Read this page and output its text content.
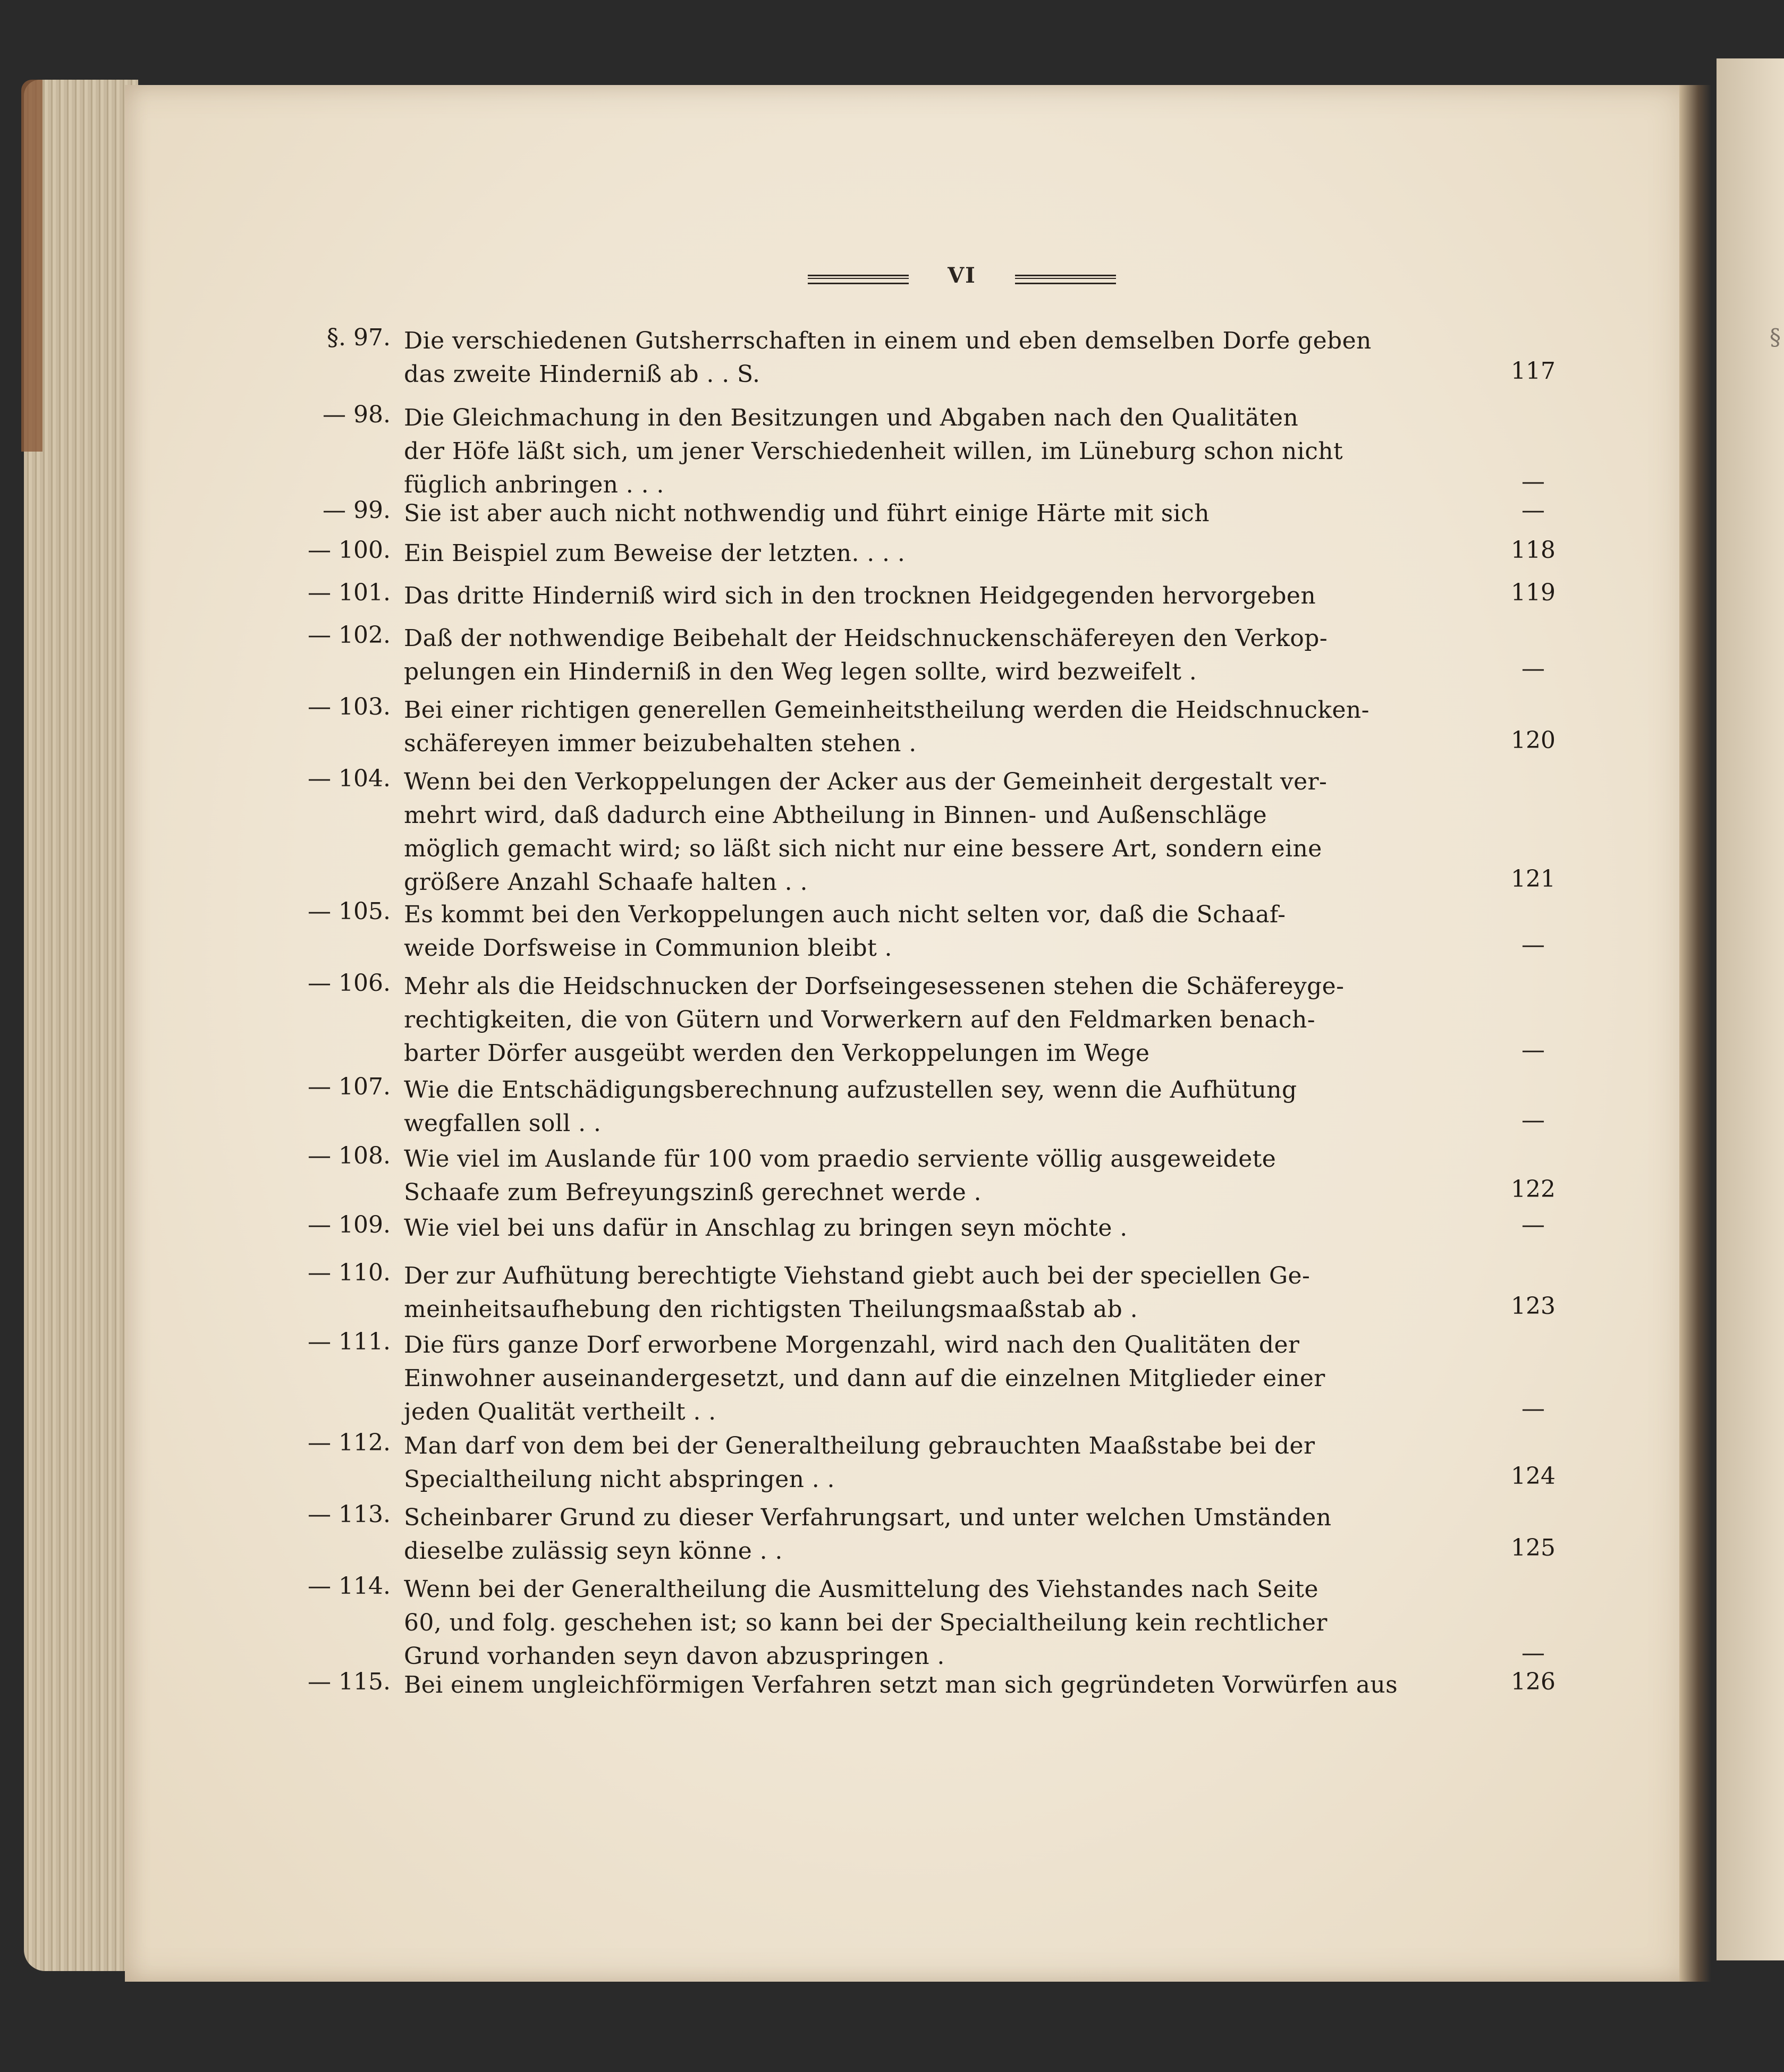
§
VI
§. 97. Die verschiedenen Gutsherrschaften in einem und eben demselben Dorfe geben
das zweite Hinderniß ab . . S.	117
— 98. Die Gleichmachung in den Besitzungen und Abgaben nach den Qualitäten
der Höfe läßt sich, um jener Verschiedenheit willen, im Lüneburg schon nicht
füglich anbringen . . .	—
— 99. Sie ist aber auch nicht nothwendig und führt einige Härte mit sich	—
— 100. Ein Beispiel zum Beweise der letzten. . . .	118
— 101. Das dritte Hinderniß wird sich in den trocknen Heidgegenden hervorgeben	119
— 102. Daß der nothwendige Beibehalt der Heidschnuckenschäfereyen den Verkop-
pelungen ein Hinderniß in den Weg legen sollte, wird bezweifelt .	—
— 103. Bei einer richtigen generellen Gemeinheitstheilung werden die Heidschnucken-
schäfereyen immer beizubehalten stehen .	120
— 104. Wenn bei den Verkoppelungen der Acker aus der Gemeinheit dergestalt ver-
mehrt wird, daß dadurch eine Abtheilung in Binnen- und Außenschläge
möglich gemacht wird; so läßt sich nicht nur eine bessere Art, sondern eine
größere Anzahl Schaafe halten . .	121
— 105. Es kommt bei den Verkoppelungen auch nicht selten vor, daß die Schaaf-
weide Dorfsweise in Communion bleibt .	—
— 106. Mehr als die Heidschnucken der Dorfseingesessenen stehen die Schäfereyge-
rechtigkeiten, die von Gütern und Vorwerkern auf den Feldmarken benach-
barter Dörfer ausgeübt werden den Verkoppelungen im Wege	—
— 107. Wie die Entschädigungsberechnung aufzustellen sey, wenn die Aufhütung
wegfallen soll . .	—
— 108. Wie viel im Auslande für 100 vom praedio serviente völlig ausgeweidete
Schaafe zum Befreyungszinß gerechnet werde .	122
— 109. Wie viel bei uns dafür in Anschlag zu bringen seyn möchte .	—
— 110. Der zur Aufhütung berechtigte Viehstand giebt auch bei der speciellen Ge-
meinheitsaufhebung den richtigsten Theilungsmaaßstab ab .	123
— 111. Die fürs ganze Dorf erworbene Morgenzahl, wird nach den Qualitäten der
Einwohner auseinandergesetzt, und dann auf die einzelnen Mitglieder einer
jeden Qualität vertheilt . .	—
— 112. Man darf von dem bei der Generaltheilung gebrauchten Maaßstabe bei der
Specialtheilung nicht abspringen . .	124
— 113. Scheinbarer Grund zu dieser Verfahrungsart, und unter welchen Umständen
dieselbe zulässig seyn könne . .	125
— 114. Wenn bei der Generaltheilung die Ausmittelung des Viehstandes nach Seite
60, und folg. geschehen ist; so kann bei der Specialtheilung kein rechtlicher
Grund vorhanden seyn davon abzuspringen .	—
— 115. Bei einem ungleichförmigen Verfahren setzt man sich gegründeten Vorwürfen aus	126
